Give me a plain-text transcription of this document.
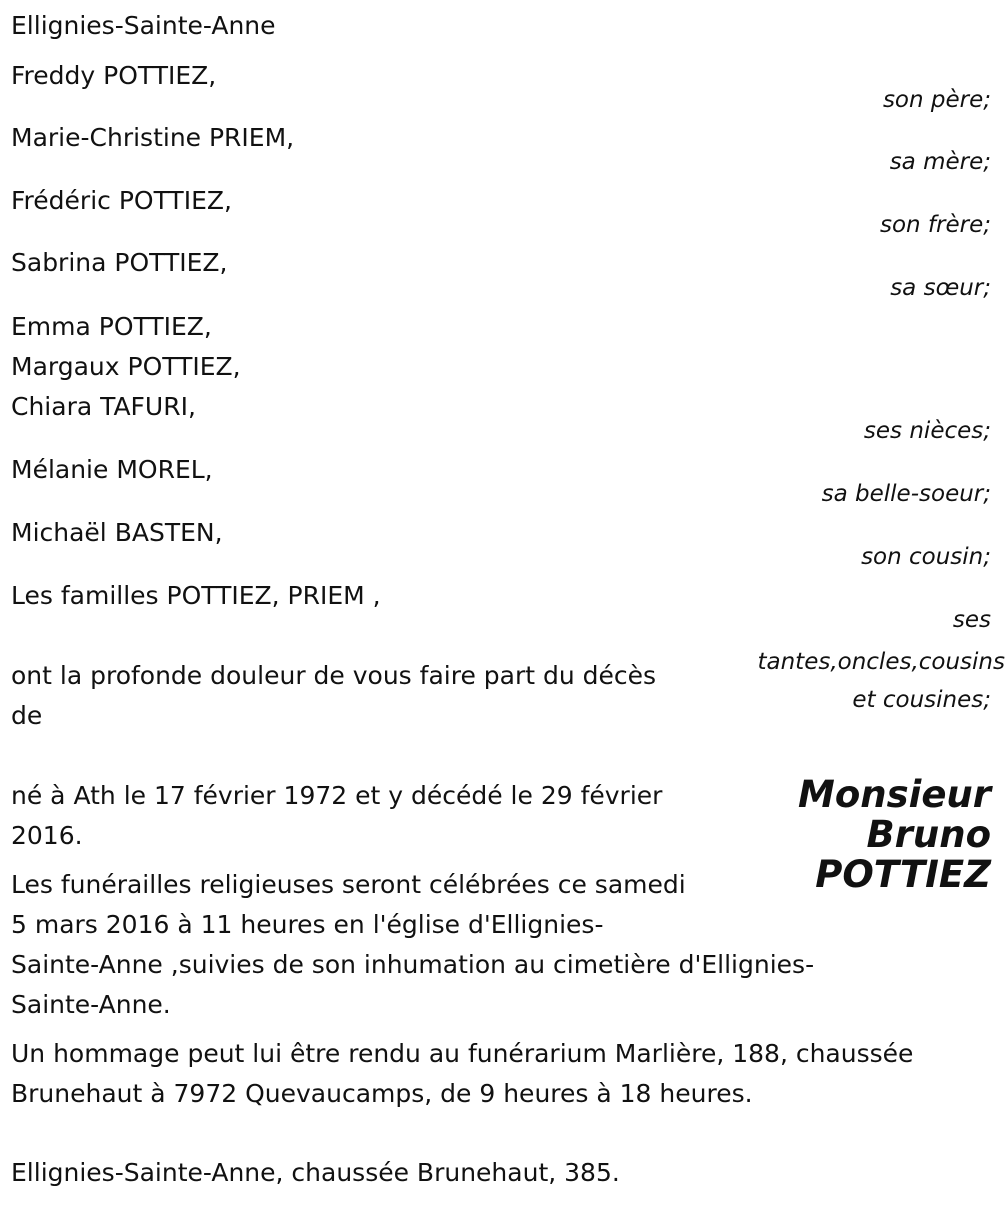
Ellignies-Sainte-Anne
Freddy POTTIEZ,
son père;
Marie-Christine PRIEM,
sa mère;
Frédéric POTTIEZ,
son frère;
Sabrina POTTIEZ,
sa sœur;
Emma POTTIEZ,
Margaux POTTIEZ,
Chiara TAFURI,
ses nièces;
Mélanie MOREL,
sa belle-soeur;
Michaël BASTEN,
son cousin;
Les familles POTTIEZ, PRIEM ,
ses
tantes,oncles,cousins
et cousines;
ont la profonde douleur de vous faire part du décès
de
Monsieur
Bruno
POTTIEZ
né à Ath le 17 février 1972 et y décédé le 29 février
2016.
Les funérailles religieuses seront célébrées ce samedi
5 mars 2016 à 11 heures en l'église d'Ellignies-
Sainte-Anne ,suivies de son inhumation au cimetière d'Ellignies-
Sainte-Anne.
Un hommage peut lui être rendu au funérarium Marlière, 188, chaussée
Brunehaut à 7972 Quevaucamps, de 9 heures à 18 heures.
Ellignies-Sainte-Anne, chaussée Brunehaut, 385.
